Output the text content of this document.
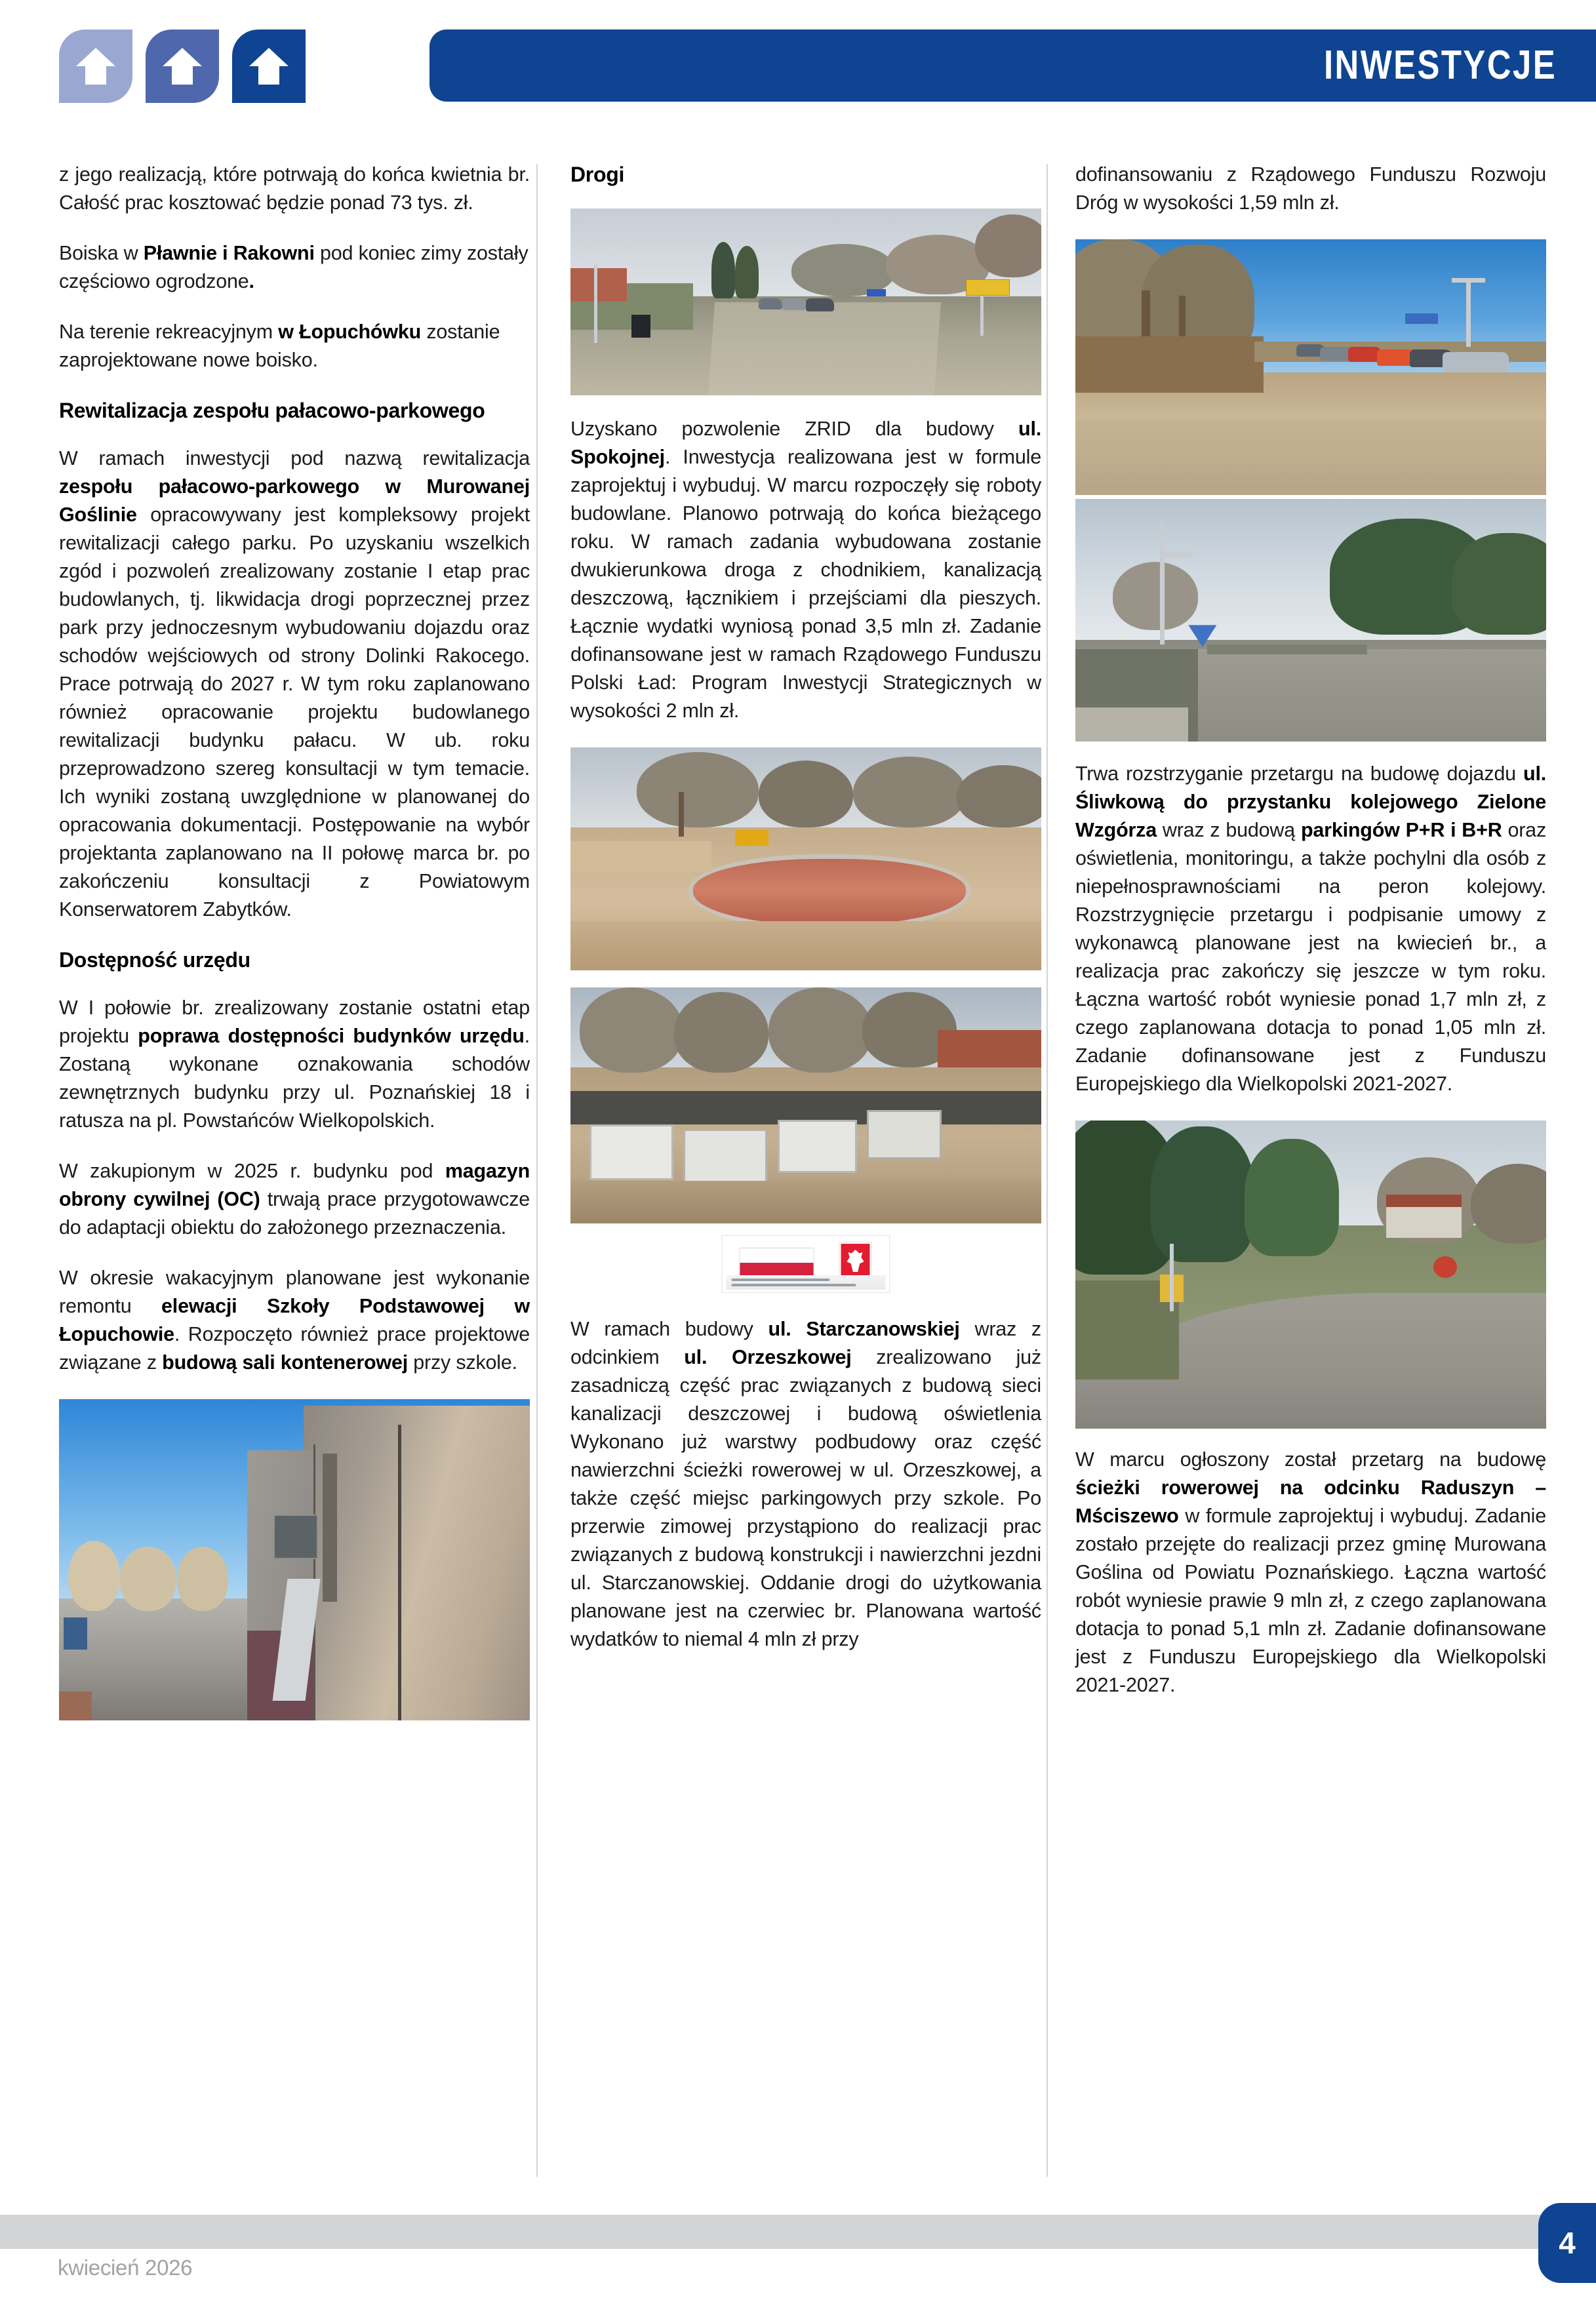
INWESTYCJE

z jego realizacją, które potrwają do końca kwietnia br. Całość prac kosztować będzie ponad 73 tys. zł.

Boiska w Pławnie i Rakowni pod koniec zimy zostały częściowo ogrodzone.

Na terenie rekreacyjnym w Łopuchówku zostanie zaprojektowane nowe boisko.

Rewitalizacja zespołu pałacowo-parkowego

W ramach inwestycji pod nazwą rewitalizacja zespołu pałacowo-parkowego w Murowanej Goślinie opracowywany jest kompleksowy projekt rewitalizacji całego parku. Po uzyskaniu wszelkich zgód i pozwoleń zrealizowany zostanie I etap prac budowlanych, tj. likwidacja drogi poprzecznej przez park przy jednoczesnym wybudowaniu dojazdu oraz schodów wejściowych od strony Dolinki Rakocego. Prace potrwają do 2027 r. W tym roku zaplanowano również opracowanie projektu budowlanego rewitalizacji budynku pałacu. W ub. roku przeprowadzono szereg konsultacji w tym temacie. Ich wyniki zostaną uwzględnione w planowanej do opracowania dokumentacji. Postępowanie na wybór projektanta zaplanowano na II połowę marca br. po zakończeniu konsultacji z Powiatowym Konserwatorem Zabytków.

Dostępność urzędu

W I połowie br. zrealizowany zostanie ostatni etap projektu poprawa dostępności budynków urzędu. Zostaną wykonane oznakowania schodów zewnętrznych budynku przy ul. Poznańskiej 18 i ratusza na pl. Powstańców Wielkopolskich.

W zakupionym w 2025 r. budynku pod magazyn obrony cywilnej (OC) trwają prace przygotowawcze do adaptacji obiektu do założonego przeznaczenia.

W okresie wakacyjnym planowane jest wykonanie remontu elewacji Szkoły Podstawowej w Łopuchowie. Rozpoczęto również prace projektowe związane z budową sali kontenerowej przy szkole.

Drogi

Uzyskano pozwolenie ZRID dla budowy ul. Spokojnej. Inwestycja realizowana jest w formule zaprojektuj i wybuduj. W marcu rozpoczęły się roboty budowlane. Planowo potrwają do końca bieżącego roku. W ramach zadania wybudowana zostanie dwukierunkowa droga z chodnikiem, kanalizacją deszczową, łącznikiem i przejściami dla pieszych. Łącznie wydatki wyniosą ponad 3,5 mln zł. Zadanie dofinansowane jest w ramach Rządowego Funduszu Polski Ład: Program Inwestycji Strategicznych w wysokości 2 mln zł.

W ramach budowy ul. Starczanowskiej wraz z odcinkiem ul. Orzeszkowej zrealizowano już zasadniczą część prac związanych z budową sieci kanalizacji deszczowej i budową oświetlenia Wykonano już warstwy podbudowy oraz część nawierzchni ścieżki rowerowej w ul. Orzeszkowej, a także część miejsc parkingowych przy szkole. Po przerwie zimowej przystąpiono do realizacji prac związanych z budową konstrukcji i nawierzchni jezdni ul. Starczanowskiej. Oddanie drogi do użytkowania planowane jest na czerwiec br. Planowana wartość wydatków to niemal 4 mln zł przy

dofinansowaniu z Rządowego Funduszu Rozwoju Dróg w wysokości 1,59 mln zł.

Trwa rozstrzyganie przetargu na budowę dojazdu ul. Śliwkową do przystanku kolejowego Zielone Wzgórza wraz z budową parkingów P+R i B+R oraz oświetlenia, monitoringu, a także pochylni dla osób z niepełnosprawnościami na peron kolejowy. Rozstrzygnięcie przetargu i podpisanie umowy z wykonawcą planowane jest na kwiecień br., a realizacja prac zakończy się jeszcze w tym roku. Łączna wartość robót wyniesie ponad 1,7 mln zł, z czego zaplanowana dotacja to ponad 1,05 mln zł. Zadanie dofinansowane jest z Funduszu Europejskiego dla Wielkopolski 2021-2027.

W marcu ogłoszony został przetarg na budowę ścieżki rowerowej na odcinku Raduszyn – Mściszewo w formule zaprojektuj i wybuduj. Zadanie zostało przejęte do realizacji przez gminę Murowana Goślina od Powiatu Poznańskiego. Łączna wartość robót wyniesie prawie 9 mln zł, z czego zaplanowana dotacja to ponad 5,1 mln zł. Zadanie dofinansowane jest z Funduszu Europejskiego dla Wielkopolski 2021-2027.

kwiecień 2026
4
